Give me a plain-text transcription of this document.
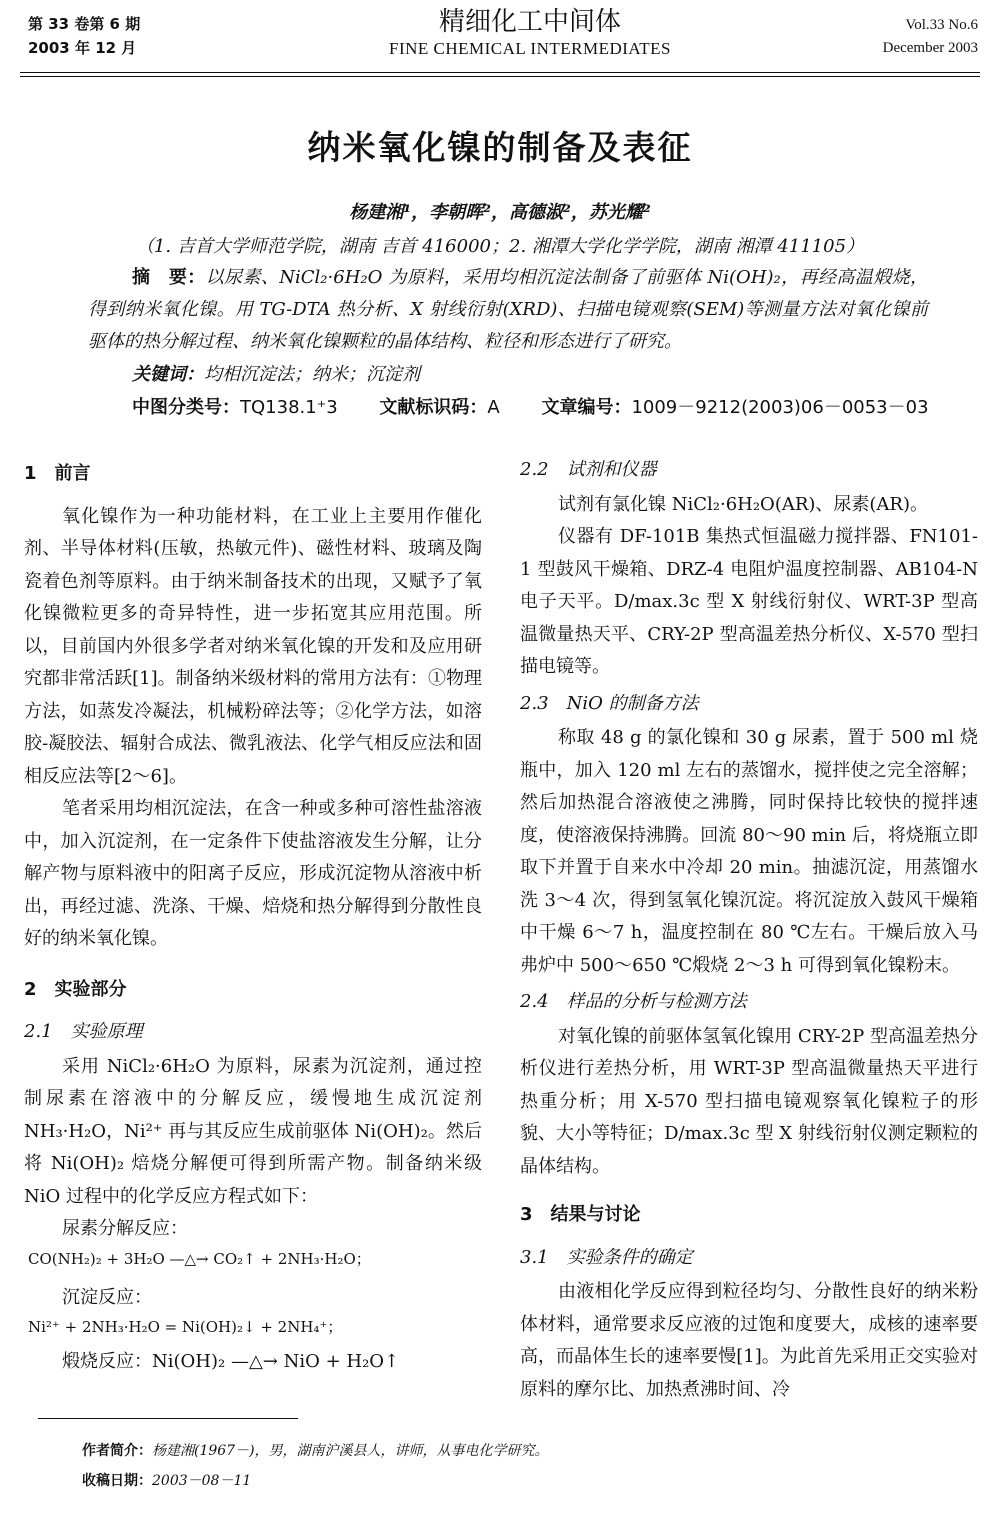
第 33 卷第 6 期
2003 年 12 月
精细化工中间体
FINE CHEMICAL INTERMEDIATES
Vol.33 No.6
December 2003
纳米氧化镍的制备及表征
杨建湘¹，李朝晖²，高德淑²，苏光耀²
（1. 吉首大学师范学院，湖南 吉首 416000；2. 湘潭大学化学学院，湖南 湘潭 411105）
摘　要：以尿素、NiCl₂·6H₂O 为原料，采用均相沉淀法制备了前驱体 Ni(OH)₂，再经高温煅烧，得到纳米氧化镍。用 TG-DTA 热分析、X 射线衍射(XRD)、扫描电镜观察(SEM)等测量方法对氧化镍前驱体的热分解过程、纳米氧化镍颗粒的晶体结构、粒径和形态进行了研究。
关键词：均相沉淀法；纳米；沉淀剂
中图分类号：TQ138.1⁺3 　　 文献标识码：A 　　 文章编号：1009－9212(2003)06－0053－03

1　前言

氧化镍作为一种功能材料，在工业上主要用作催化剂、半导体材料(压敏，热敏元件)、磁性材料、玻璃及陶瓷着色剂等原料。由于纳米制备技术的出现，又赋予了氧化镍微粒更多的奇异特性，进一步拓宽其应用范围。所以，目前国内外很多学者对纳米氧化镍的开发和及应用研究都非常活跃[1]。制备纳米级材料的常用方法有：①物理方法，如蒸发冷凝法，机械粉碎法等；②化学方法，如溶胶-凝胶法、辐射合成法、微乳液法、化学气相反应法和固相反应法等[2～6]。

笔者采用均相沉淀法，在含一种或多种可溶性盐溶液中，加入沉淀剂，在一定条件下使盐溶液发生分解，让分解产物与原料液中的阳离子反应，形成沉淀物从溶液中析出，再经过滤、洗涤、干燥、焙烧和热分解得到分散性良好的纳米氧化镍。

2　实验部分

2.1　实验原理

采用 NiCl₂·6H₂O 为原料，尿素为沉淀剂，通过控制尿素在溶液中的分解反应，缓慢地生成沉淀剂 NH₃·H₂O，Ni²⁺ 再与其反应生成前驱体 Ni(OH)₂。然后将 Ni(OH)₂ 焙烧分解便可得到所需产物。制备纳米级 NiO 过程中的化学反应方程式如下：

尿素分解反应：

CO(NH₂)₂ + 3H₂O —△→ CO₂↑ + 2NH₃·H₂O；

沉淀反应：

Ni²⁺ + 2NH₃·H₂O = Ni(OH)₂↓ + 2NH₄⁺；

煅烧反应：Ni(OH)₂ —△→ NiO + H₂O↑

2.2　试剂和仪器

试剂有氯化镍 NiCl₂·6H₂O(AR)、尿素(AR)。

仪器有 DF-101B 集热式恒温磁力搅拌器、FN101-1 型鼓风干燥箱、DRZ-4 电阻炉温度控制器、AB104-N 电子天平。D/max.3c 型 X 射线衍射仪、WRT-3P 型高温微量热天平、CRY-2P 型高温差热分析仪、X-570 型扫描电镜等。

2.3　NiO 的制备方法

称取 48 g 的氯化镍和 30 g 尿素，置于 500 ml 烧瓶中，加入 120 ml 左右的蒸馏水，搅拌使之完全溶解；然后加热混合溶液使之沸腾，同时保持比较快的搅拌速度，使溶液保持沸腾。回流 80～90 min 后，将烧瓶立即取下并置于自来水中冷却 20 min。抽滤沉淀，用蒸馏水洗 3～4 次，得到氢氧化镍沉淀。将沉淀放入鼓风干燥箱中干燥 6～7 h，温度控制在 80 ℃左右。干燥后放入马弗炉中 500～650 ℃煅烧 2～3 h 可得到氧化镍粉末。

2.4　样品的分析与检测方法

对氧化镍的前驱体氢氧化镍用 CRY-2P 型高温差热分析仪进行差热分析，用 WRT-3P 型高温微量热天平进行热重分析；用 X-570 型扫描电镜观察氧化镍粒子的形貌、大小等特征；D/max.3c 型 X 射线衍射仪测定颗粒的晶体结构。

3　结果与讨论

3.1　实验条件的确定

由液相化学反应得到粒径均匀、分散性良好的纳米粉体材料，通常要求反应液的过饱和度要大，成核的速率要高，而晶体生长的速率要慢[1]。为此首先采用正交实验对原料的摩尔比、加热煮沸时间、冷

作者简介：杨建湘(1967－)，男，湖南沪溪县人，讲师，从事电化学研究。
收稿日期：2003－08－11
